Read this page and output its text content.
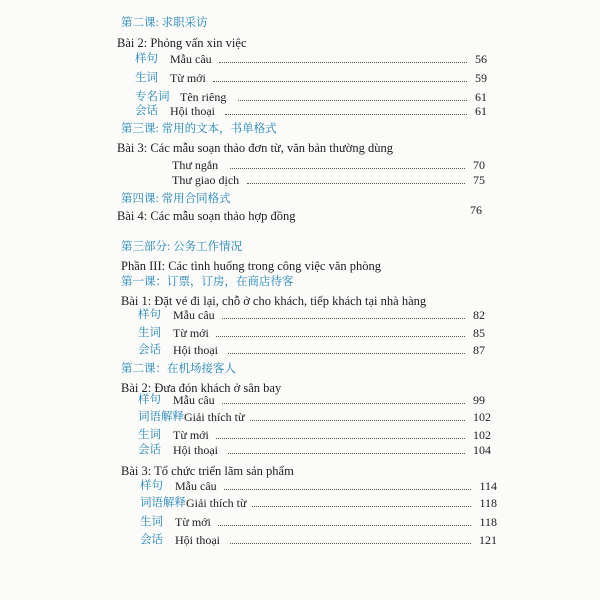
第二课: 求职采访
Bài 2: Phỏng vấn xin việc
样句 Mẫu câu	56
生词 Từ mới	59
专名词 Tên riêng	61
会话 Hội thoại	61
第三课: 常用的文本，书单格式
Bài 3: Các mẫu soạn thảo đơn từ, văn bản thường dùng
Thư ngắn	70
Thư giao dịch	75
第四课: 常用合同格式
Bài 4: Các mẫu soạn thảo hợp đồng	76
第三部分: 公务工作情况
Phần III: Các tình huống trong công việc văn phòng
第一课：订票，订房，在商店待客
Bài 1: Đặt vé đi lại, chỗ ở cho khách, tiếp khách tại nhà hàng
样句 Mẫu câu	82
生词 Từ mới	85
会话 Hội thoại	87
第二课：在机场接客人
Bài 2: Đưa đón khách ở sân bay
样句 Mẫu câu	99
词语解释 Giải thích từ	102
生词 Từ mới	102
会话 Hội thoại	104
Bài 3: Tổ chức triển lãm sản phẩm
样句 Mẫu câu	114
词语解释 Giải thích từ	118
生词 Từ mới	118
会话 Hội thoại	121
